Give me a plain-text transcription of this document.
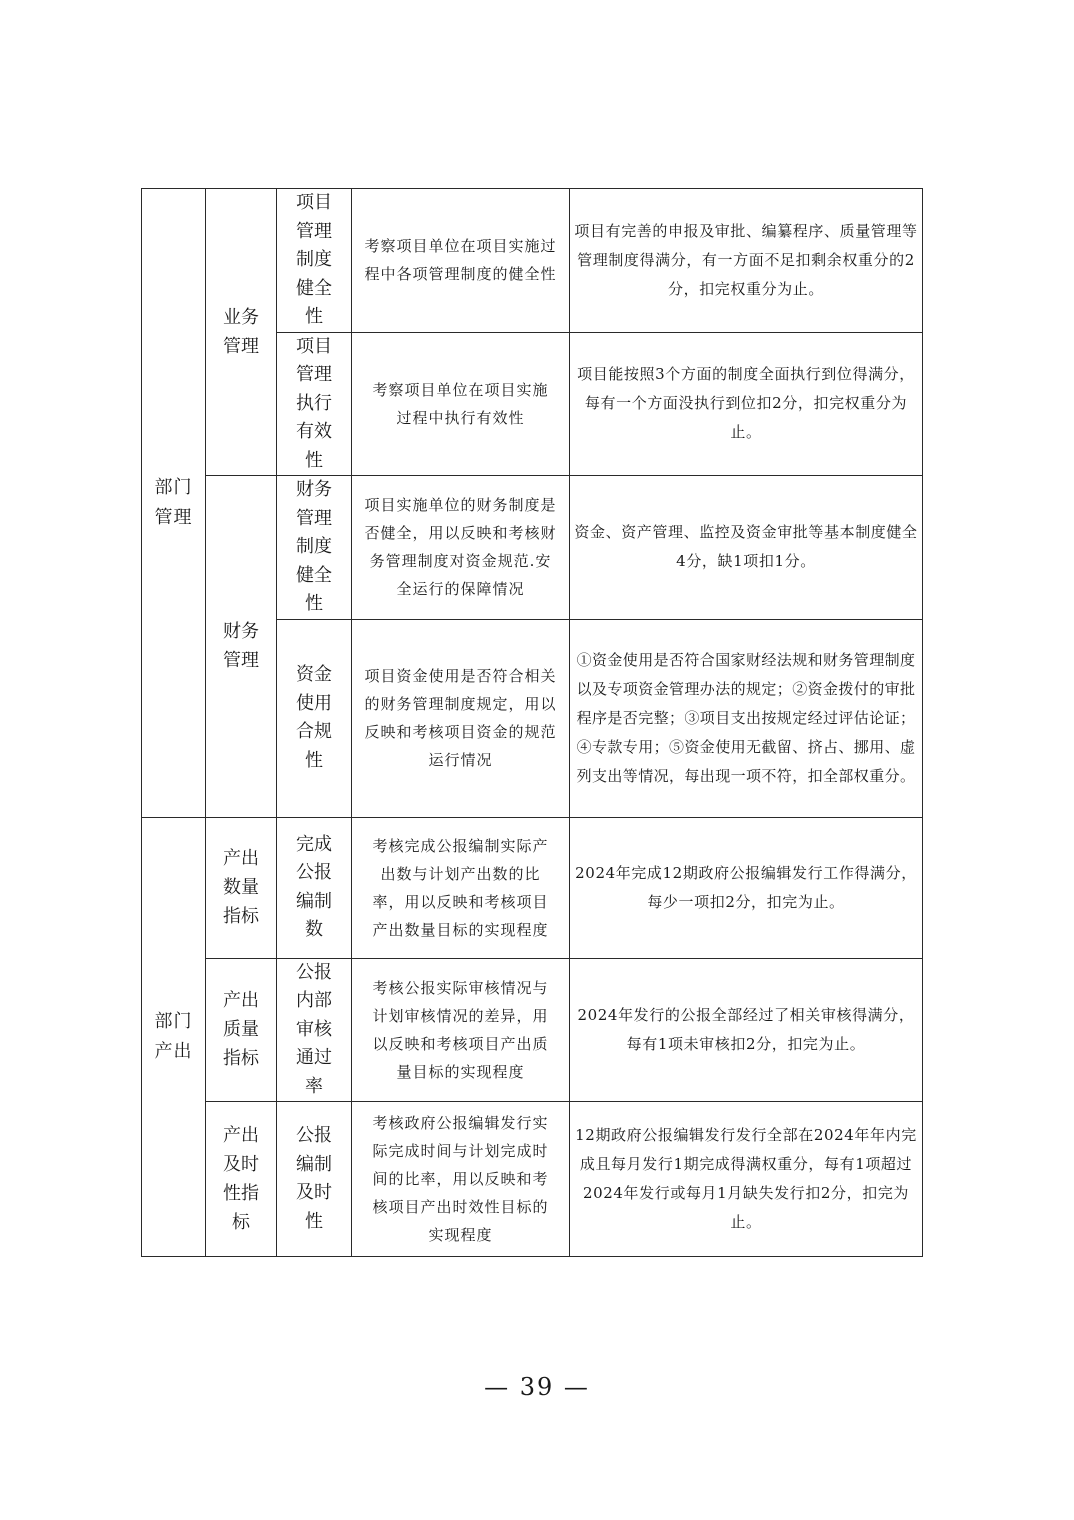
部门管理	业务管理	项目管理制度健全性	考察项目单位在项目实施过程中各项管理制度的健全性	项目有完善的申报及审批、编纂程序、质量管理等管理制度得满分，有一方面不足扣剩余权重分的2分，扣完权重分为止。
		项目管理执行有效性	考察项目单位在项目实施过程中执行有效性	项目能按照3个方面的制度全面执行到位得满分，每有一个方面没执行到位扣2分，扣完权重分为止。
	财务管理	财务管理制度健全性	项目实施单位的财务制度是否健全，用以反映和考核财务管理制度对资金规范.安全运行的保障情况	资金、资产管理、监控及资金审批等基本制度健全4分，缺1项扣1分。
		资金使用合规性	项目资金使用是否符合相关的财务管理制度规定，用以反映和考核项目资金的规范运行情况	①资金使用是否符合国家财经法规和财务管理制度以及专项资金管理办法的规定；②资金拨付的审批程序是否完整；③项目支出按规定经过评估论证；④专款专用；⑤资金使用无截留、挤占、挪用、虚列支出等情况，每出现一项不符，扣全部权重分。
部门产出	产出数量指标	完成公报编制数	考核完成公报编制实际产出数与计划产出数的比率，用以反映和考核项目产出数量目标的实现程度	2024年完成12期政府公报编辑发行工作得满分，每少一项扣2分，扣完为止。
	产出质量指标	公报内部审核通过率	考核公报实际审核情况与计划审核情况的差异，用以反映和考核项目产出质量目标的实现程度	2024年发行的公报全部经过了相关审核得满分，每有1项未审核扣2分，扣完为止。
	产出及时性指标	公报编制及时性	考核政府公报编辑发行实际完成时间与计划完成时间的比率，用以反映和考核项目产出时效性目标的实现程度	12期政府公报编辑发行发行全部在2024年年内完成且每月发行1期完成得满权重分，每有1项超过2024年发行或每月1月缺失发行扣2分，扣完为止。
— 39 —
